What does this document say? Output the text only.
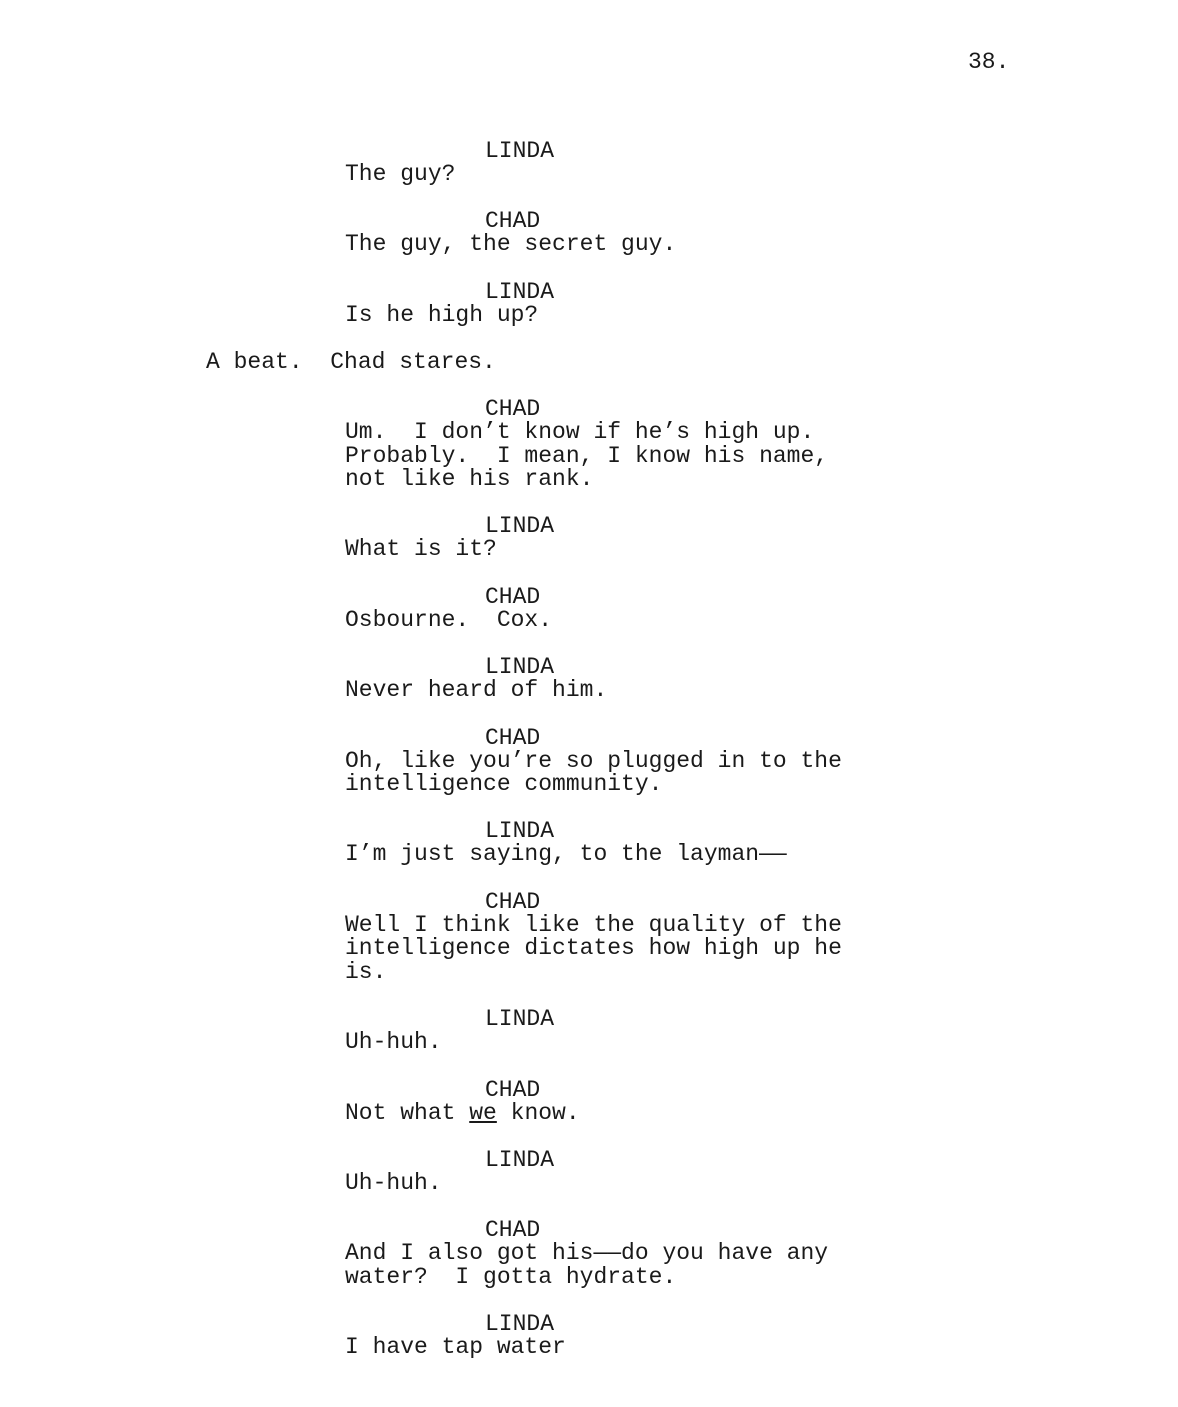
38.
LINDA
The guy?
CHAD
The guy, the secret guy.
LINDA
Is he high up?
A beat.  Chad stares.
CHAD
Um.  I don’t know if he’s high up.
Probably.  I mean, I know his name,
not like his rank.
LINDA
What is it?
CHAD
Osbourne.  Cox.
LINDA
Never heard of him.
CHAD
Oh, like you’re so plugged in to the
intelligence community.
LINDA
I’m just saying, to the layman——
CHAD
Well I think like the quality of the
intelligence dictates how high up he
is.
LINDA
Uh-huh.
CHAD
Not what we know.
LINDA
Uh-huh.
CHAD
And I also got his——do you have any
water?  I gotta hydrate.
LINDA
I have tap water
